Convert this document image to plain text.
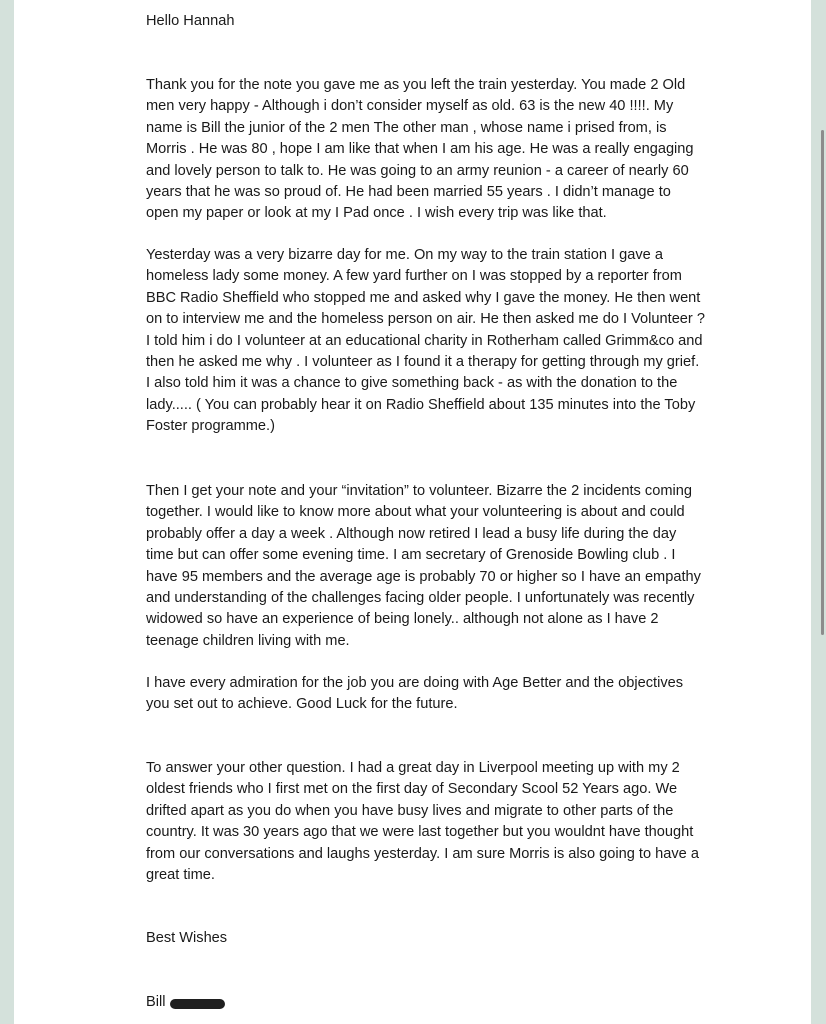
Hello Hannah

Thank you for the note you gave me as you left the train yesterday. You made 2 Old men very happy - Although i don’t consider myself as old. 63 is the new 40 !!!!. My name is Bill the junior of the 2 men The other man , whose name i prised from, is Morris . He was 80 , hope I am like that when I am his age. He was a really engaging and lovely person to talk to. He was going to an army reunion - a career of nearly 60 years that he was so proud of. He had been married 55 years . I didn’t manage to open my paper or look at my I Pad once . I wish every trip was like that.

Yesterday was a very bizarre day for me. On my way to the train station I gave a homeless lady some money. A few yard further on I was stopped by a reporter from BBC Radio Sheffield who stopped me and asked why I gave the money. He then went on to interview me and the homeless person on air. He then asked me do I Volunteer ? I told him i do I volunteer at an educational charity in Rotherham called Grimm&co and then he asked me why . I volunteer as I found it a therapy for getting through my grief. I also told him it was a chance to give something back - as with the donation to the lady..... ( You can probably hear it on Radio Sheffield about 135 minutes into the Toby Foster programme.)

Then I get your note and your “invitation” to volunteer. Bizarre the 2 incidents coming together. I would like to know more about what your volunteering is about and could probably offer a day a week . Although now retired I lead a busy life during the day time but can offer some evening time. I am secretary of Grenoside Bowling club . I have 95 members and the average age is probably 70 or higher so I have an empathy and understanding of the challenges facing older people. I unfortunately was recently widowed so have an experience of being lonely.. although not alone as I have 2 teenage children living with me.

I have every admiration for the job you are doing with Age Better and the objectives you set out to achieve. Good Luck for the future.

To answer your other question. I had a great day in Liverpool meeting up with my 2 oldest friends who I first met on the first day of Secondary Scool 52 Years ago. We drifted apart as you do when you have busy lives and migrate to other parts of the country. It was 30 years ago that we were last together but you wouldnt have thought from our conversations and laughs yesterday. I am sure Morris is also going to have a great time.

Best Wishes

Bill
